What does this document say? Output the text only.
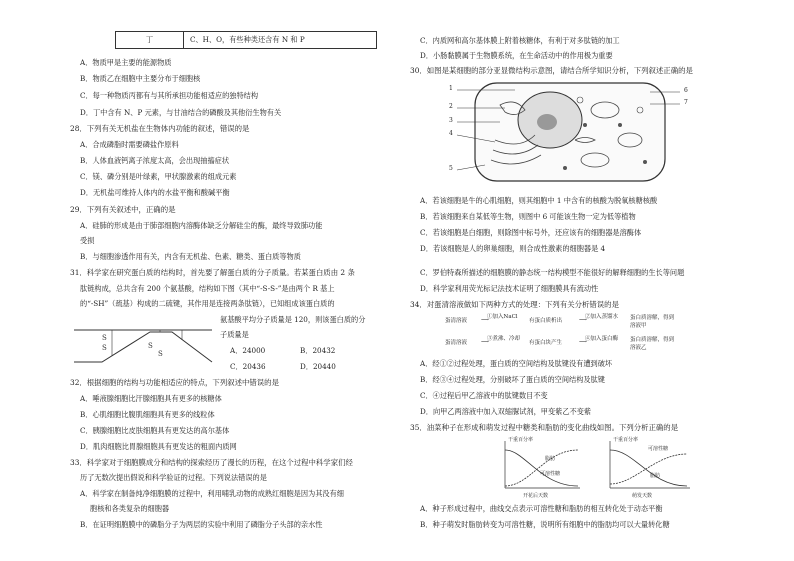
丁	C、H、O，有些种类还含有 N 和 P
A．物质甲是主要的能源物质
B．物质乙在细胞中主要分布于细胞核
C．每一种物质丙都有与其所承担功能相适应的独特结构
D．丁中含有 N、P 元素，与甘油结合的磷酸及其他衍生物有关
28．下列有关无机盐在生物体内功能的叙述，错误的是
A．合成磷脂时需要磷盐作原料
B．人体血液钙离子浓度太高，会出现抽搐症状
C．镁、磷分别是叶绿素，甲状腺激素的组成元素
D．无机盐可维持人体内的水盐平衡和酸碱平衡
29．下列有关叙述中，正确的是
A．硅肺的形成是由于肺部细胞内溶酶体缺乏分解硅尘的酶，最终导致肺功能
受损
B．与细胞渗透作用有关，内含有无机盐、色素、糖类、蛋白质等物质
31．科学家在研究蛋白质的结构时，首先要了解蛋白质的分子质量。若某蛋白质由 2 条
肽链构成，总共含有 200 个氨基酸，结构如下图（其中“-S-S-”是由两个 R 基上
的“-SH”（巯基）构成的二硫键，其作用是连接两条肽链），已知组成该蛋白质的
氨基酸平均分子质量是 120，则该蛋白质的分
子质量是
A．24000	B．20432
C．20436	D．20440
32．根据细胞的结构与功能相适应的特点，下列叙述中错误的是
A．唾液腺细胞比汗腺细胞具有更多的核糖体
B．心肌细胞比腹肌细胞具有更多的线粒体
C．胰腺细胞比皮肤细胞具有更发达的高尔基体
D．肌肉细胞比胃腺细胞具有更发达的粗面内质网
33．科学家对于细胞膜成分和结构的探索经历了漫长的历程，在这个过程中科学家们经
历了无数次提出假说和科学验证的过程。下列说法错误的是
A．科学家在制备纯净细胞膜的过程中，利用哺乳动物的成熟红细胞是因为其没有细
胞核和各类复杂的细胞器
B．在证明细胞膜中的磷脂分子为两层的实验中利用了磷脂分子头部的亲水性
S
S	S
S
C．内质网和高尔基体膜上附着核糖体，有利于对多肽链的加工
D．小肠黏膜属于生物膜系统，在生命活动中的作用极为重要
30．如图是某细胞的部分亚显微结构示意图，请结合所学知识分析，下列叙述正确的是
A．若该细胞是牛的心肌细胞，则其细胞中 1 中含有的核酸为脱氧核糖核酸
B．若该细胞来自某低等生物，则图中 6 可能该生物一定为低等植物
C．若该细胞是白细胞，则除图中标号外，还应该有的细胞器是溶酶体
D．若该细胞是人的卵巢细胞，则合成性激素的细胞器是 4
C．罗伯特森所描述的细胞膜的静态统一结构模型不能很好的解释细胞的生长等问题
D．科学家利用荧光标记法技术证明了细胞膜具有流动性
34．对蛋清溶液做如下两种方式的处理：下列有关分析错误的是
A．经①②过程处理，蛋白质的空间结构及肽键没有遭到破坏
B．经③④过程处理，分别破坏了蛋白质的空间结构及肽键
C．④过程后甲乙溶液中的肽键数目不变
D．向甲乙两溶液中加入双缩脲试剂，甲变紫乙不变紫
35．油菜种子在形成和萌发过程中糖类和脂肪的变化曲线如图。下列分析正确的是
A．种子形成过程中，曲线交点表示可溶性糖和脂肪的相互转化处于动态平衡
B．种子萌发时脂肪转变为可溶性糖，说明所有细胞中的脂肪均可以大量转化糖
1
2
3
4
5
6
7
蛋清溶液
①加入NaCl
⟶	有蛋白质析出
②加入蒸馏水
⟶	蛋白质溶解，得到溶液甲
蛋清溶液
③煮沸、冷却
⟶	有蛋白块产生
④加入蛋白酶
⟶	蛋白质溶解，得到溶液乙
干重百分率
开花后天数
脂肪
可溶性糖
干重百分率
萌发天数
可溶性糖
脂肪
